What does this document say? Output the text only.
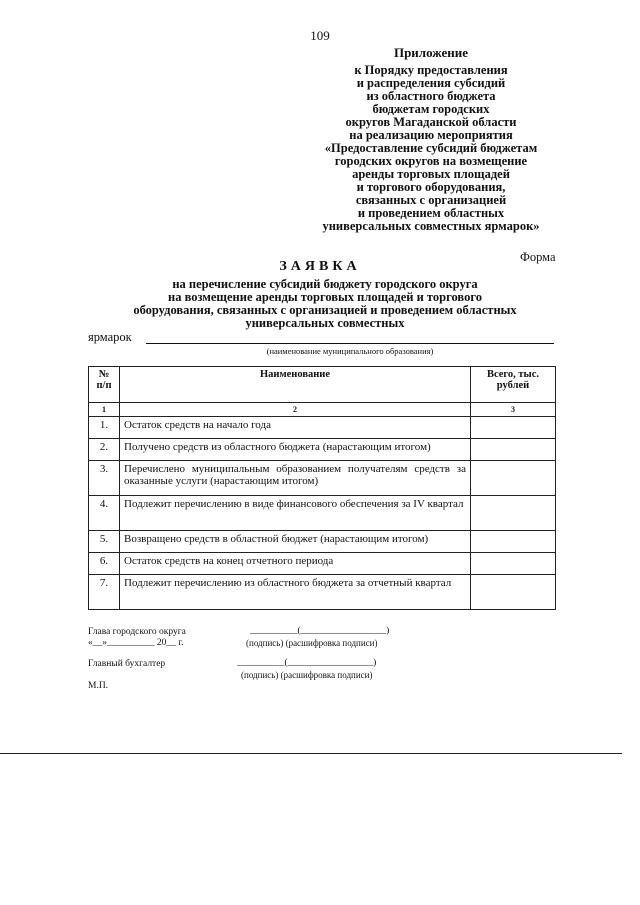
109
Приложение
к Порядку предоставления
и распределения субсидий
из областного бюджета
бюджетам городских
округов Магаданской области
на реализацию мероприятия
«Предоставление субсидий бюджетам
городских округов на возмещение
аренды торговых площадей
и торгового оборудования,
связанных с организацией
и проведением областных
универсальных совместных ярмарок»
Форма
ЗАЯВКА
на перечисление субсидий бюджету городского округа
на возмещение аренды торговых площадей и торгового
оборудования, связанных с организацией и проведением областных
универсальных совместных
ярмарок
(наименование муниципального образования)
№ п/п	Наименование	Всего, тыс. рублей
1	2	3
1.	Остаток средств на начало года	
2.	Получено средств из областного бюджета (нарастающим итогом)	
3.	Перечислено муниципальным образованием получателям средств за оказанные услуги (нарастающим итогом)	
4.	Подлежит перечислению в виде финансового обеспечения за IV квартал	
5.	Возвращено средств в областной бюджет (нарастающим итогом)	
6.	Остаток средств на конец отчетного периода	
7.	Подлежит перечислению из областного бюджета за отчетный квартал	
Глава городского округа
«__»__________ 20__ г.
__________(__________________)
(подпись) (расшифровка подписи)
Главный бухгалтер	__________(__________________)
(подпись) (расшифровка подписи)
М.П.
